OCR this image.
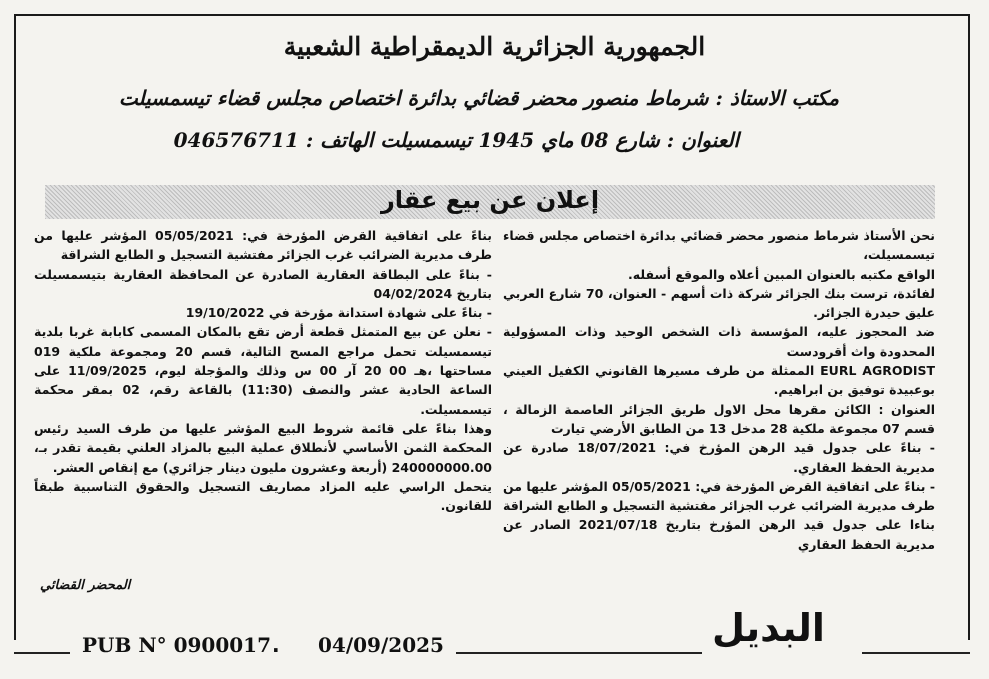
الجمهورية الجزائرية الديمقراطية الشعبية
مكتب الاستاذ : شرماط منصور محضر قضائي بدائرة اختصاص مجلس قضاء تيسمسيلت
العنوان : شارع 08 ماي 1945 تيسمسيلت الهاتف : 046576711
إعلان عن بيع عقار

نحن الأستاذ شرماط منصور محضر قضائي بدائرة اختصاص مجلس قضاء تيسمسيلت،

الواقع مكتبه بالعنوان المبين أعلاه والموقع أسفله.

لفائدة، ترست بنك الجزائر شركة ذات أسهم - العنوان، 70 شارع العربي عليق حيدرة الجزائر.

ضد المحجوز عليه، المؤسسة ذات الشخص الوحيد وذات المسؤولية المحدودة واث أقرودست

EURL AGRODIST الممثلة من طرف مسيرها القانوني الكفيل العيني بوعبيدة توفيق بن ابراهيم.

العنوان : الكائن مقرها محل الاول طريق الجزائر العاصمة الزمالة ، قسم 07 مجموعة ملكية 28 مدخل 13 من الطابق الأرضي تيارت

- بناءً على جدول قيد الرهن المؤرخ في: 18/07/2021 صادرة عن مديرية الحفظ العقاري.

- بناءً على اتفاقية القرض المؤرخة في: 05/05/2021 المؤشر عليها من طرف مديرية الضرائب غرب الجزائر مفتشية التسجيل و الطابع الشراقة بناءا على جدول قيد الرهن المؤرخ بتاريخ 2021/07/18 الصادر عن مديرية الحفظ العقاري

بناءً على اتفاقية القرض المؤرخة في: 05/05/2021 المؤشر عليها من طرف مديرية الضرائب غرب الجزائر مفتشية التسجيل و الطابع الشراقة

- بناءً على البطاقة العقارية الصادرة عن المحافظة العقارية بتيسمسيلت بتاريخ 04/02/2024

- بناءً على شهادة استدانة مؤرخة في 19/10/2022

- نعلن عن بيع المتمثل قطعة أرض تقع بالمكان المسمى كابابة غربا بلدية تيسمسيلت تحمل مراجع المسح التالية، قسم 20 ومجموعة ملكية 019 مساحتها ،هـ 00 20 آر 00 س وذلك والمؤجلة ليوم، 11/09/2025 على الساعة الحادية عشر والنصف (11:30) بالقاعة رقم، 02 بمقر محكمة تيسمسيلت.

وهذا بناءً على قائمة شروط البيع المؤشر عليها من طرف السيد رئيس المحكمة الثمن الأساسي لأنطلاق عملية البيع بالمزاد العلني بقيمة تقدر بـ، 240000000.00 (أربعة وعشرون مليون دينار جزائري) مع إنقاص العشر.

يتحمل الراسي عليه المزاد مصاريف التسجيل والحقوق التناسبية طبقاً للقانون.

المحضر القضائي
PUB N° 0900017 . 04/09/2025	البديل
